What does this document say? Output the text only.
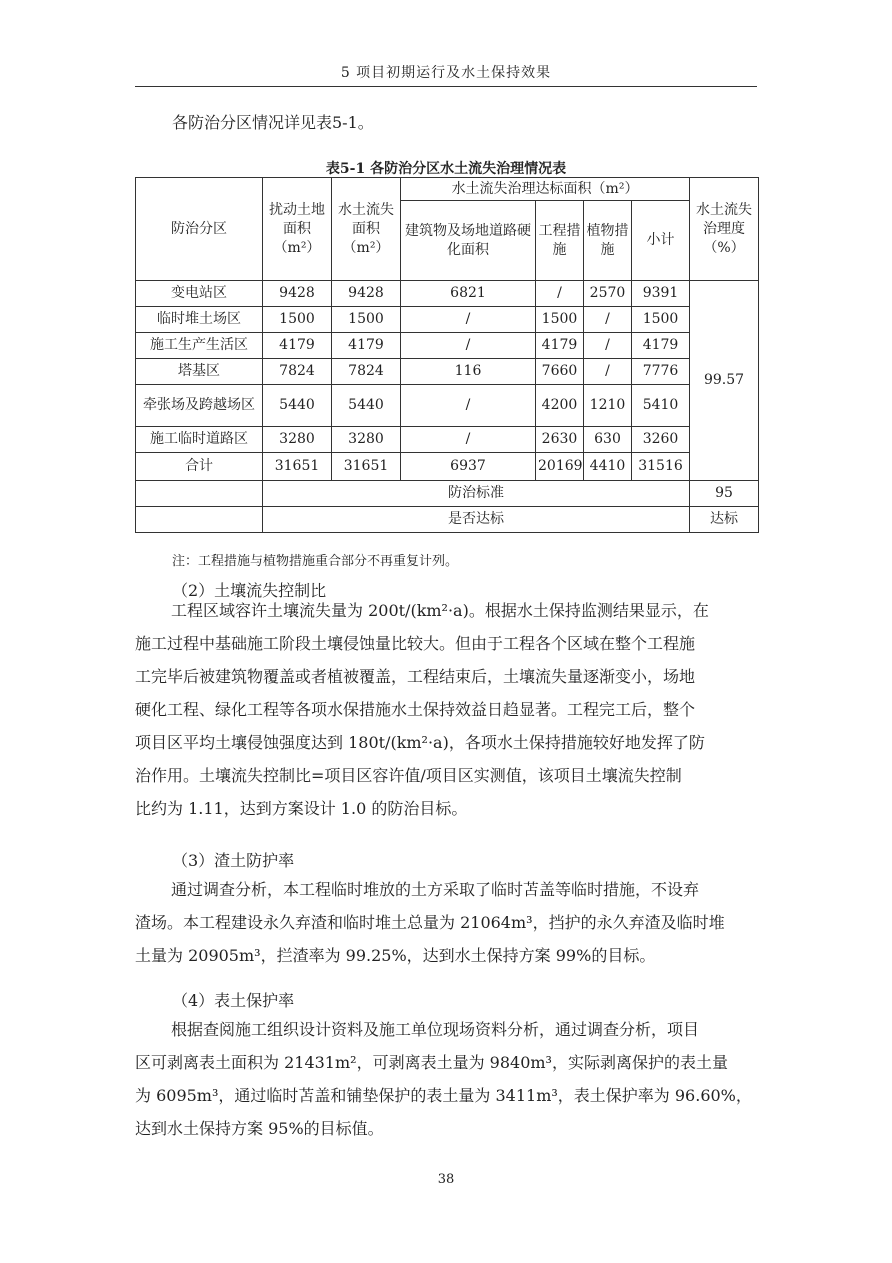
5 项目初期运行及水土保持效果
各防治分区情况详见表5-1。
表5-1 各防治分区水土流失治理情况表
防治分区	扰动土地面积（m²）	水土流失面积（m²）	水土流失治理达标面积（m²）				水土流失治理度（%）
			建筑物及场地道路硬化面积	工程措施	植物措施	小计	
变电站区	9428	9428	6821	/	2570	9391	99.57
临时堆土场区	1500	1500	/	1500	/	1500	
施工生产生活区	4179	4179	/	4179	/	4179	
塔基区	7824	7824	116	7660	/	7776	
牵张场及跨越场区	5440	5440	/	4200	1210	5410	
施工临时道路区	3280	3280	/	2630	630	3260	
合计	31651	31651	6937	20169	4410	31516	
	防治标准						95
	是否达标						达标
注：工程措施与植物措施重合部分不再重复计列。
（2）土壤流失控制比
工程区域容许土壤流失量为 200t/(km²·a)。根据水土保持监测结果显示，在
施工过程中基础施工阶段土壤侵蚀量比较大。但由于工程各个区域在整个工程施
工完毕后被建筑物覆盖或者植被覆盖，工程结束后，土壤流失量逐渐变小，场地
硬化工程、绿化工程等各项水保措施水土保持效益日趋显著。工程完工后，整个
项目区平均土壤侵蚀强度达到 180t/(km²·a)，各项水土保持措施较好地发挥了防
治作用。土壤流失控制比=项目区容许值/项目区实测值，该项目土壤流失控制
比约为 1.11，达到方案设计 1.0 的防治目标。
（3）渣土防护率
通过调查分析，本工程临时堆放的土方采取了临时苫盖等临时措施，不设弃
渣场。本工程建设永久弃渣和临时堆土总量为 21064m³，挡护的永久弃渣及临时堆
土量为 20905m³，拦渣率为 99.25%，达到水土保持方案 99%的目标。
（4）表土保护率
根据查阅施工组织设计资料及施工单位现场资料分析，通过调查分析，项目
区可剥离表土面积为 21431m²，可剥离表土量为 9840m³，实际剥离保护的表土量
为 6095m³，通过临时苫盖和铺垫保护的表土量为 3411m³，表土保护率为 96.60%，
达到水土保持方案 95%的目标值。
38
